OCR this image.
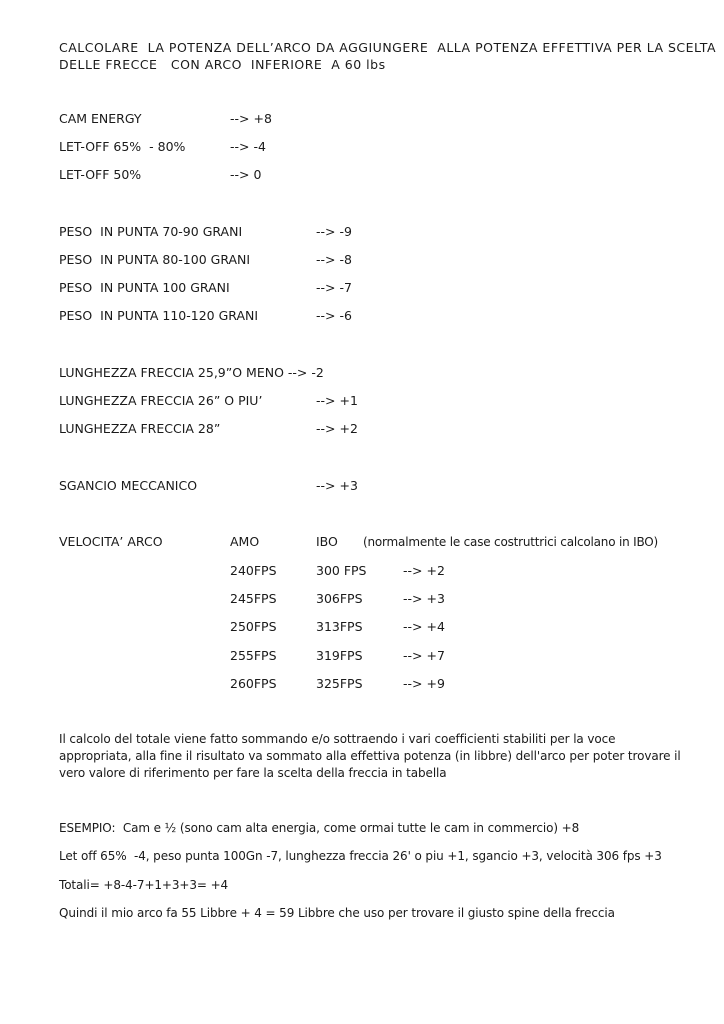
CALCOLARE  LA POTENZA DELL’ARCO DA AGGIUNGERE  ALLA POTENZA EFFETTIVA PER LA SCELTA
DELLE FRECCE   CON ARCO  INFERIORE  A 60 lbs
CAM ENERGY	--> +8
LET-OFF 65%  - 80%	--> -4
LET-OFF 50%	--> 0
PESO  IN PUNTA 70-90 GRANI	--> -9
PESO  IN PUNTA 80-100 GRANI	--> -8
PESO  IN PUNTA 100 GRANI	--> -7
PESO  IN PUNTA 110-120 GRANI	--> -6
LUNGHEZZA FRECCIA 25,9”O MENO --> -2
LUNGHEZZA FRECCIA 26” O PIU’	--> +1
LUNGHEZZA FRECCIA 28”	--> +2
SGANCIO MECCANICO	--> +3
VELOCITA’ ARCO	AMO	IBO (normalmente le case costruttrici calcolano in IBO)
240FPS	300 FPS	--> +2
245FPS	306FPS	--> +3
250FPS	313FPS	--> +4
255FPS	319FPS	--> +7
260FPS	325FPS	--> +9
Il calcolo del totale viene fatto sommando e/o sottraendo i vari coefficienti stabiliti per la voce appropriata, alla fine il risultato va sommato alla effettiva potenza (in libbre) dell'arco per poter trovare il vero valore di riferimento per fare la scelta della freccia in tabella
ESEMPIO:  Cam e ½ (sono cam alta energia, come ormai tutte le cam in commercio) +8
Let off 65%  -4, peso punta 100Gn -7, lunghezza freccia 26' o piu +1, sgancio +3, velocità 306 fps +3
Totali= +8-4-7+1+3+3= +4
Quindi il mio arco fa 55 Libbre + 4 = 59 Libbre che uso per trovare il giusto spine della freccia
